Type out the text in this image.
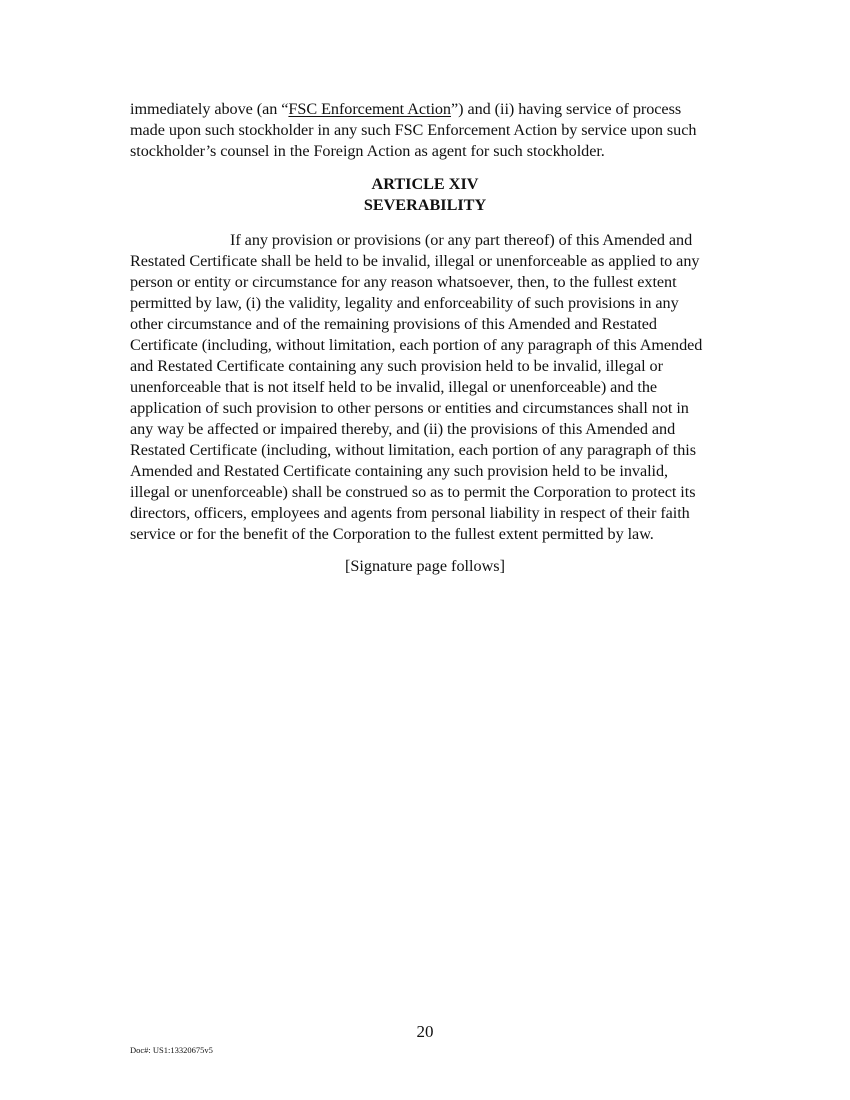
immediately above (an “FSC Enforcement Action”) and (ii) having service of process
made upon such stockholder in any such FSC Enforcement Action by service upon such
stockholder’s counsel in the Foreign Action as agent for such stockholder.
ARTICLE XIV
SEVERABILITY
If any provision or provisions (or any part thereof) of this Amended and
Restated Certificate shall be held to be invalid, illegal or unenforceable as applied to any
person or entity or circumstance for any reason whatsoever, then, to the fullest extent
permitted by law, (i) the validity, legality and enforceability of such provisions in any
other circumstance and of the remaining provisions of this Amended and Restated
Certificate (including, without limitation, each portion of any paragraph of this Amended
and Restated Certificate containing any such provision held to be invalid, illegal or
unenforceable that is not itself held to be invalid, illegal or unenforceable) and the
application of such provision to other persons or entities and circumstances shall not in
any way be affected or impaired thereby, and (ii) the provisions of this Amended and
Restated Certificate (including, without limitation, each portion of any paragraph of this
Amended and Restated Certificate containing any such provision held to be invalid,
illegal or unenforceable) shall be construed so as to permit the Corporation to protect its
directors, officers, employees and agents from personal liability in respect of their faith
service or for the benefit of the Corporation to the fullest extent permitted by law.
[Signature page follows]
20
Doc#: US1:13320675v5
